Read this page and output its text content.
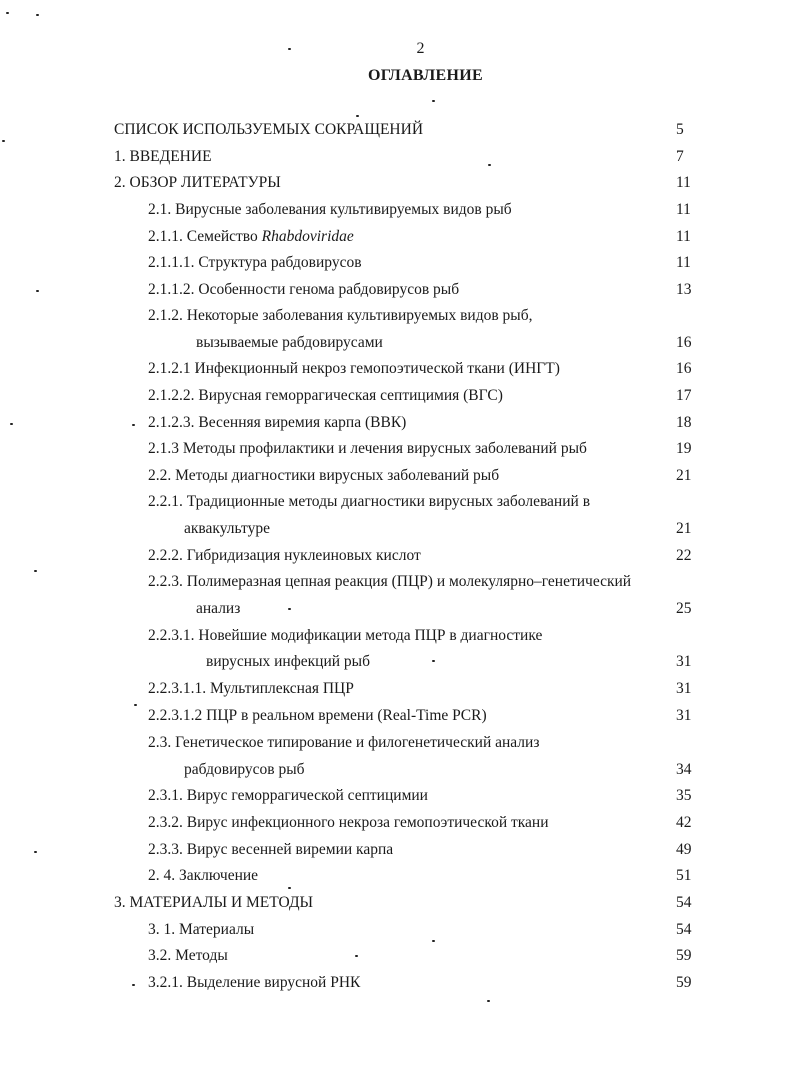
2
ОГЛАВЛЕНИЕ
СПИСОК ИСПОЛЬЗУЕМЫХ СОКРАЩЕНИЙ	5
1. ВВЕДЕНИЕ	7
2. ОБЗОР ЛИТЕРАТУРЫ	11
2.1. Вирусные заболевания культивируемых видов рыб	11
2.1.1. Семейство Rhabdoviridae	11
2.1.1.1. Структура рабдовирусов	11
2.1.1.2. Особенности генома рабдовирусов рыб	13
2.1.2. Некоторые заболевания культивируемых видов рыб,
вызываемые рабдовирусами	16
2.1.2.1 Инфекционный некроз гемопоэтической ткани (ИНГТ)	16
2.1.2.2. Вирусная геморрагическая септицимия (ВГС)	17
2.1.2.3. Весенняя виремия карпа (ВВК)	18
2.1.3 Методы профилактики и лечения вирусных заболеваний рыб	19
2.2. Методы диагностики вирусных заболеваний рыб	21
2.2.1. Традиционные методы диагностики вирусных заболеваний в
аквакультуре	21
2.2.2. Гибридизация нуклеиновых кислот	22
2.2.3. Полимеразная цепная реакция (ПЦР) и молекулярно–генетический
анализ	25
2.2.3.1. Новейшие модификации метода ПЦР в диагностике
вирусных инфекций рыб	31
2.2.3.1.1. Мультиплексная ПЦР	31
2.2.3.1.2 ПЦР в реальном времени (Real-Time PCR)	31
2.3. Генетическое типирование и филогенетический анализ
рабдовирусов рыб	34
2.3.1. Вирус геморрагической септицимии	35
2.3.2. Вирус инфекционного некроза гемопоэтической ткани	42
2.3.3. Вирус весенней виремии карпа	49
2. 4. Заключение	51
3. МАТЕРИАЛЫ И МЕТОДЫ	54
3. 1. Материалы	54
3.2. Методы	59
3.2.1. Выделение вирусной РНК	59
